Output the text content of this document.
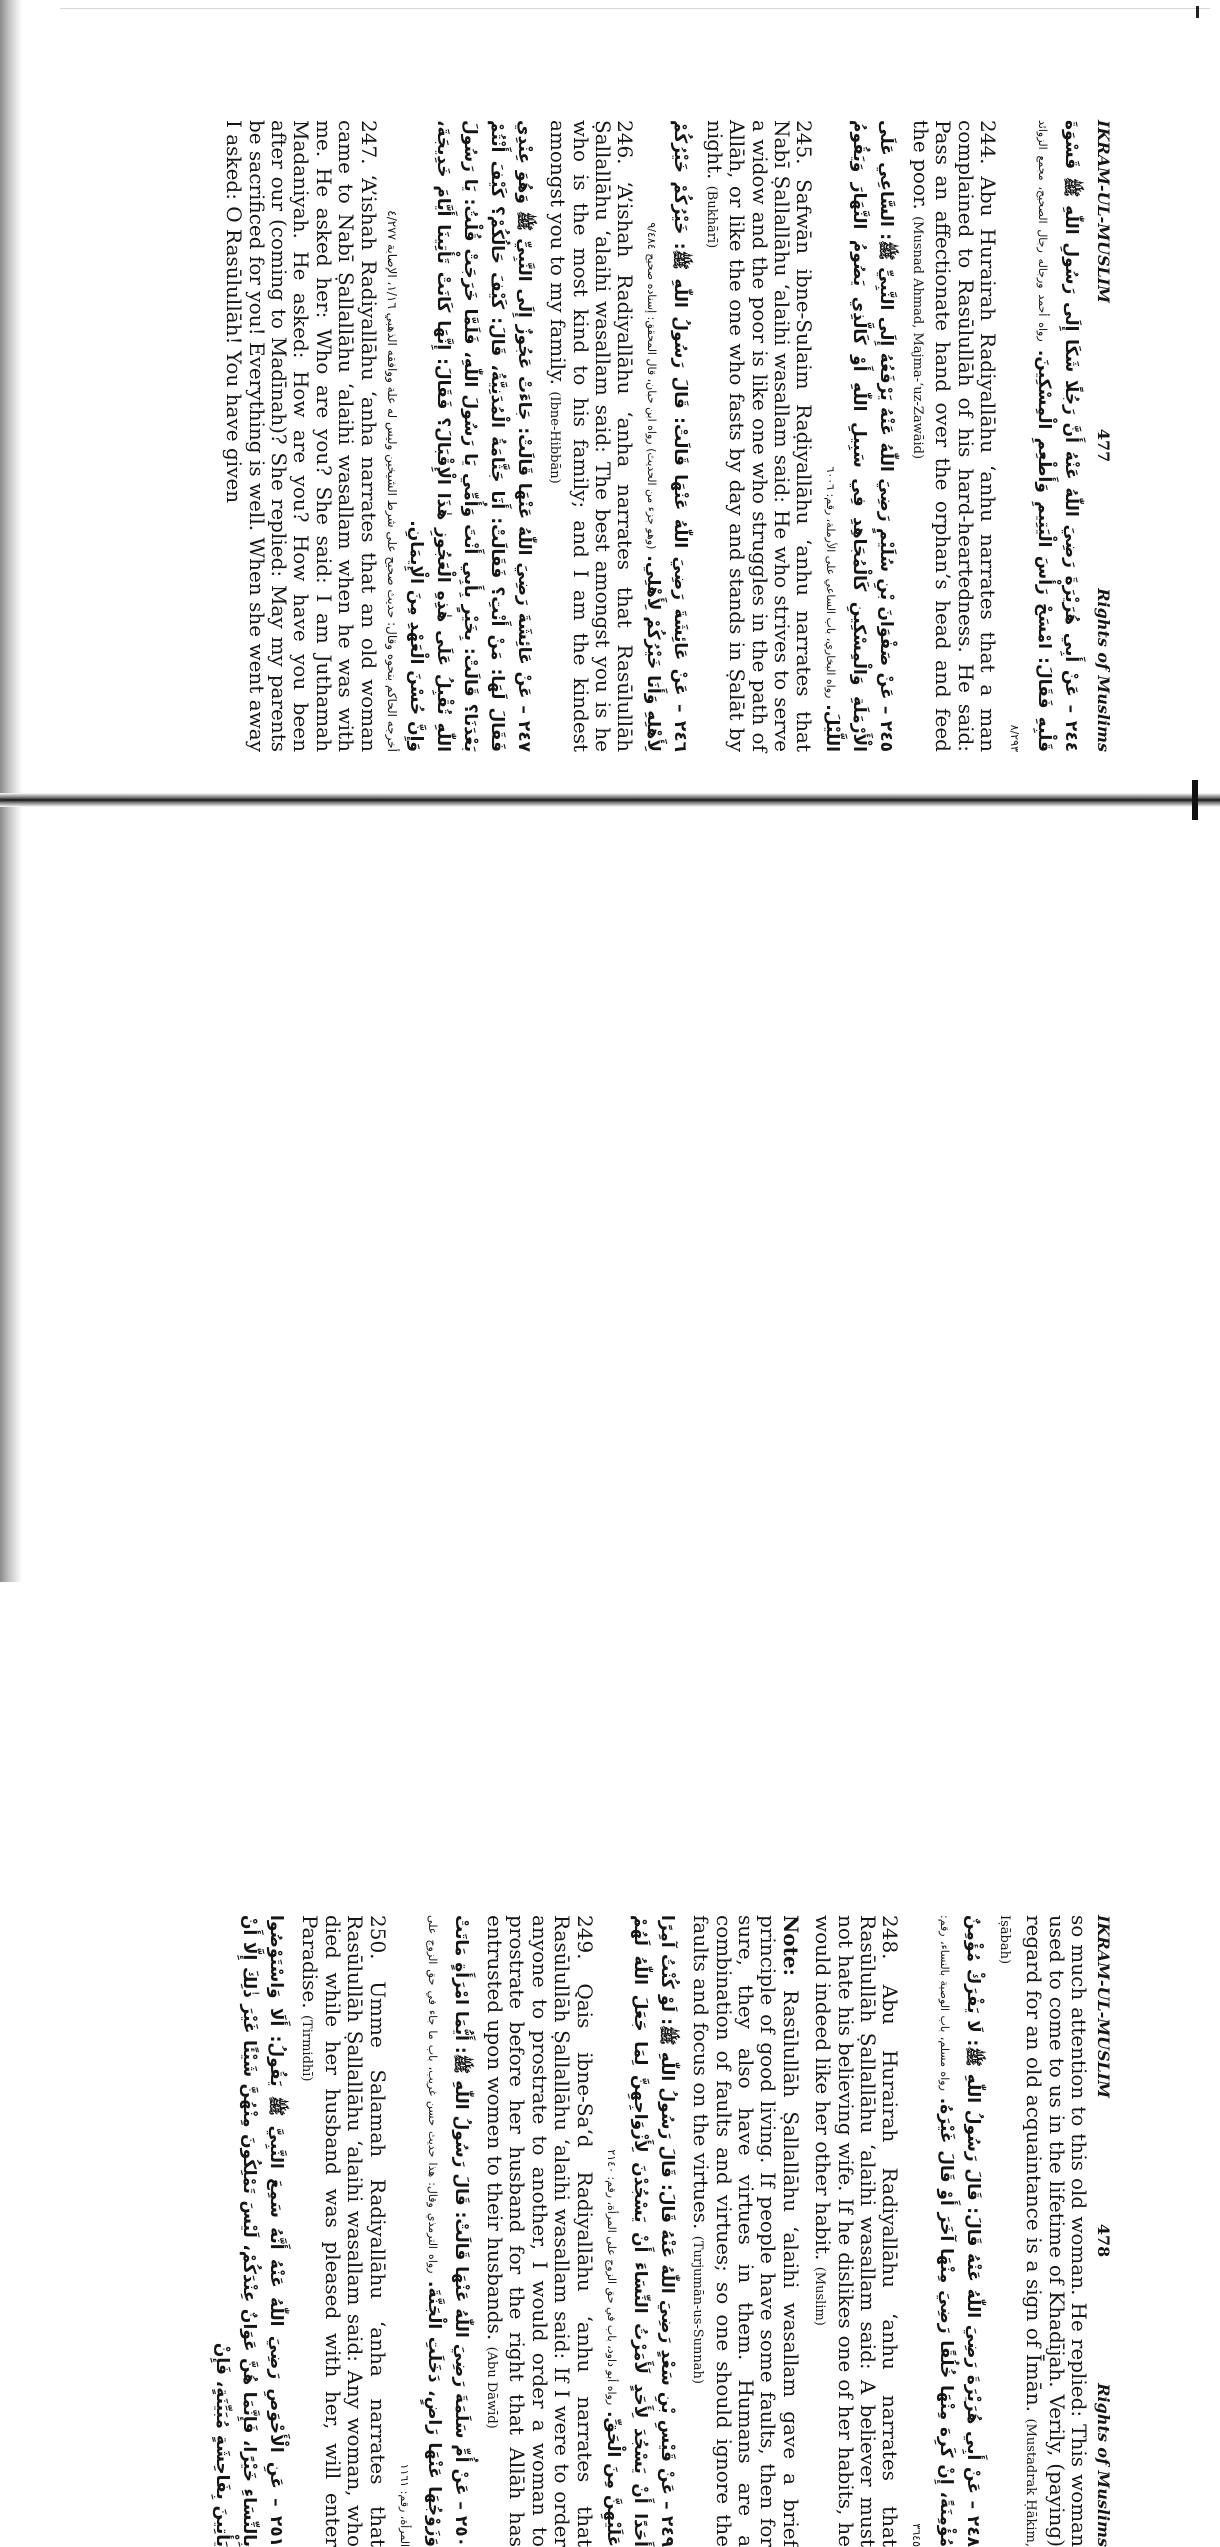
IKRAM-UL-MUSLIM
477
Rights of Muslims
٢٤٤ – عَنْ أَبِي هُرَيْرَةَ رَضِيَ اللّٰهُ عَنْهُ أَنَّ رَجُلًا شَكَا إِلَى رَسُولِ اللّٰهِ ﷺ قَسْوَةَ قَلْبِهِ فَقَالَ: امْسَحْ رَأْسَ الْيَتِيمِ وَأَطْعِمِ الْمِسْكِينَ. رواه أحمد ورجاله رجال الصحيح، مجمع الزوائد ٨/٢٩٣

244. Abu Hurairah Radiyallāhu ‘anhu narrates that a man complained to Rasūlullāh of his hard-heartedness. He said: Pass an affectionate hand over the orphan’s head and feed the poor. (Musnad Ahmad, Majma-‘uz-Zawāid)

٢٤٥ – عَنْ صَفْوَانَ بْنِ سُلَيْمٍ رَضِيَ اللّٰهُ عَنْهُ يَرْفَعُهُ إِلَى النَّبِيِّ ﷺ: السَّاعِي عَلَى الْأَرْمَلَةِ وَالْمِسْكِينِ كَالْمُجَاهِدِ فِي سَبِيلِ اللّٰهِ أَوْ كَالَّذِي يَصُومُ النَّهَارَ وَيَقُومُ اللَّيْلَ. رواه البخاري، باب الساعي على الأرملة، رقم: ٦٠٠٦

245. Safwān ibne-Sulaim Raḍiyallāhu ‘anhu narrates that Nabī Ṣallallāhu ‘alaihi wasallam said: He who strives to serve a widow and the poor is like one who struggles in the path of Allāh, or like the one who fasts by day and stands in Ṣalāt by night. (Bukhārī)

٢٤٦ – عَنْ عَائِشَةَ رَضِيَ اللّٰهُ عَنْهَا قَالَتْ: قَالَ رَسُولُ اللّٰهِ ﷺ: خَيْرُكُمْ خَيْرُكُمْ لِأَهْلِهِ وَأَنَا خَيْرُكُمْ لِأَهْلِي. (وهو جزء من الحديث) رواه ابن حبان، قال المحقق: إسناده صحيح ٩/٤٨٤

246. ‘A’ishah Radiyallāhu ‘anha narrates that Rasūlullāh Ṣallallāhu ‘alaihi wasallam said: The best amongst you is he who is the most kind to his family; and I am the kindest amongst you to my family. (Ibne-Hibbān)

٢٤٧ – عَنْ عَائِشَةَ رَضِيَ اللّٰهُ عَنْهَا قَالَتْ: جَاءَتْ عَجُوزٌ إِلَى النَّبِيِّ ﷺ وَهُوَ عِنْدِي فَقَالَ لَهَا: مَنْ أَنْتِ؟ فَقَالَتْ: أَنَا جَثَّامَةُ الْمُدَنِيَّةُ، قَالَ: كَيْفَ حَالُكُمْ؟ كَيْفَ أَنْتُمْ بَعْدَنَا؟ قَالَتْ: بِخَيْرٍ بِأَبِي أَنْتَ وَأُمِّي يَا رَسُولَ اللّٰهِ، فَلَمَّا خَرَجَتْ قُلْتُ: يَا رَسُولَ اللّٰهِ تُقْبِلُ عَلَى هٰذِهِ الْعَجُوزِ هٰذَا الْإِقْبَالَ؟ فَقَالَ: إِنَّهَا كَانَتْ تَأْتِينَا أَيَّامَ خَدِيجَةَ، وَإِنَّ حُسْنَ الْعَهْدِ مِنَ الْإِيمَانِ.
أخرجه الحاكم بنحوه وقال: حديث صحيح على شرط الشيخين وليس له علة ووافقه الذهبي ١/١٦، الإصابة ٤/٢٧٧

247. ‘A’ishah Radiyallāhu ‘anha narrates that an old woman came to Nabī Ṣallallāhu ‘alaihi wasallam when he was with me. He asked her: Who are you? She said: I am Juthamah Madaniyah. He asked: How are you? How have you been after our (coming to Madīnah)? She replied: May my parents be sacrificed for you! Everything is well. When she went away I asked: O Rasūlullāh! You have given

IKRAM-UL-MUSLIM
478
Rights of Muslims

so much attention to this old woman. He replied: This woman used to come to us in the lifetime of Khadījah. Verily, (paying) regard for an old acquaintance is a sign of Īmān. (Mustadrak Ḥākim, Iṣābah)

٢٤٨ – عَنْ أَبِي هُرَيْرَةَ رَضِيَ اللّٰهُ عَنْهُ قَالَ: قَالَ رَسُولُ اللّٰهِ ﷺ: لَا يَفْرَكْ مُؤْمِنٌ مُؤْمِنَةً، إِنْ كَرِهَ مِنْهَا خُلُقًا رَضِيَ مِنْهَا آخَرَ أَوْ قَالَ غَيْرَهُ. رواه مسلم، باب الوصية بالنساء، رقم: ٣٦٤٥

248. Abu Hurairah Radiyallāhu ‘anhu narrates that Rasūlullāh Ṣallallāhu ‘alaihi wasallam said: A believer must not hate his believing wife. If he dislikes one of her habits, he would indeed like her other habit. (Muslim)

Note: Rasūlullāh Ṣallallāhu ‘alaihi wasallam gave a brief principle of good living. If people have some faults, then for sure, they also have virtues in them. Humans are a combination of faults and virtues; so one should ignore the faults and focus on the virtues. (Turjumān-us-Sunnah)

٢٤٩ – عَنْ قَيْسِ بْنِ سَعْدٍ رَضِيَ اللّٰهُ عَنْهُ قَالَ: قَالَ رَسُولُ اللّٰهِ ﷺ: لَوْ كُنْتُ آمِرًا أَحَدًا أَنْ يَسْجُدَ لِأَحَدٍ لَأَمَرْتُ النِّسَاءَ أَنْ يَسْجُدْنَ لِأَزْوَاجِهِنَّ لِمَا جَعَلَ اللّٰهُ لَهُمْ عَلَيْهِنَّ مِنَ الْحَقِّ. رواه أبو داود، باب في حق الزوج على المرأة، رقم: ٢١٤٠

249. Qais ibne-Sa‘d Radiyallāhu ‘anhu narrates that Rasūlullāh Ṣallallāhu ‘alaihi wasallam said: If I were to order anyone to prostrate to another, I would order a woman to prostrate before her husband for the right that Allāh has entrusted upon women to their husbands. (Abu Dāwīd)

٢٥٠ – عَنْ أُمِّ سَلَمَةَ رَضِيَ اللّٰهُ عَنْهَا قَالَتْ: قَالَ رَسُولُ اللّٰهِ ﷺ: أَيُّمَا امْرَأَةٍ مَاتَتْ وَزَوْجُهَا عَنْهَا رَاضٍ، دَخَلَتِ الْجَنَّةَ. رواه الترمذي وقال: هذا حديث حسن غريب، باب ما جاء في حق الزوج على المرأة، رقم: ١١٦١

250. Umme Salamah Radiyallāhu ‘anha narrates that Rasūlullāh Ṣallallāhu ‘alaihi wasallam said: Any woman, who died while her husband was pleased with her, will enter Paradise. (Tirmidhī)

٢٥١ – عَنِ الْأَحْوَصِ رَضِيَ اللّٰهُ عَنْهُ أَنَّهُ سَمِعَ النَّبِيَّ ﷺ يَقُولُ: أَلَا وَاسْتَوْصُوا بِالنِّسَاءِ خَيْرًا، فَإِنَّمَا هُنَّ عَوَانٌ عِنْدَكُمْ، لَيْسَ تَمْلِكُونَ مِنْهُنَّ شَيْئًا غَيْرَ ذٰلِكَ إِلَّا أَنْ يَأْتِينَ بِفَاحِشَةٍ مُبَيِّنَةٍ، فَإِنْ
